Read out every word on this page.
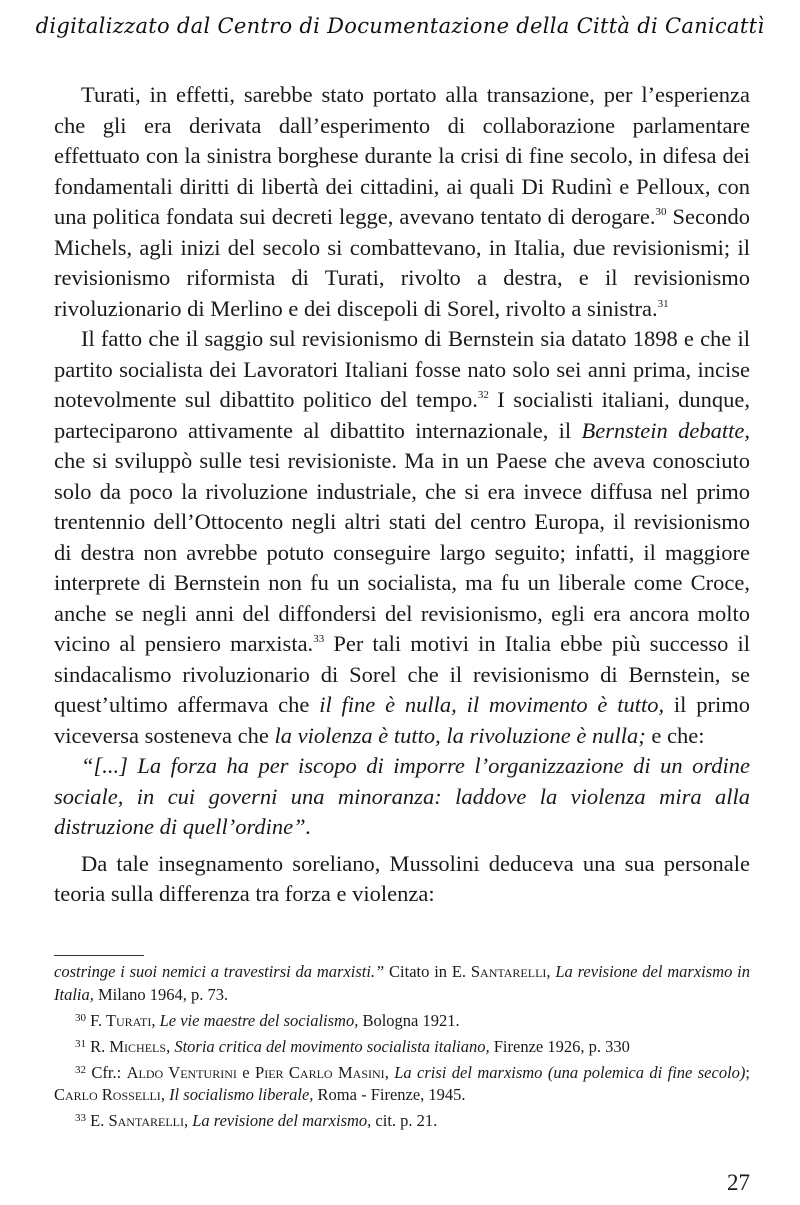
digitalizzato dal Centro di Documentazione della Città di Canicattì

Turati, in effetti, sarebbe stato portato alla transazione, per l’esperienza che gli era derivata dall’esperimento di collaborazione parlamentare effettuato con la sinistra borghese durante la crisi di fine secolo, in difesa dei fondamentali diritti di libertà dei cittadini, ai quali Di Rudinì e Pelloux, con una politica fondata sui decreti legge, avevano tentato di derogare.$^{30}$ Secondo Michels, agli inizi del secolo si combattevano, in Italia, due revisionismi; il revisionismo riformista di Turati, rivolto a destra, e il revisionismo rivoluzionario di Merlino e dei discepoli di Sorel, rivolto a sinistra.$^{31}$

Il fatto che il saggio sul revisionismo di Bernstein sia datato 1898 e che il partito socialista dei Lavoratori Italiani fosse nato solo sei anni prima, incise notevolmente sul dibattito politico del tempo.$^{32}$ I socialisti italiani, dunque, parteciparono attivamente al dibattito internazionale, il Bernstein debatte, che si sviluppò sulle tesi revisioniste. Ma in un Paese che aveva conosciuto solo da poco la rivoluzione industriale, che si era invece diffusa nel primo trentennio dell’Ottocento negli altri stati del centro Europa, il revisionismo di destra non avrebbe potuto conseguire largo seguito; infatti, il maggiore interprete di Bernstein non fu un socialista, ma fu un liberale come Croce, anche se negli anni del diffondersi del revisionismo, egli era ancora molto vicino al pensiero marxista.$^{33}$ Per tali motivi in Italia ebbe più successo il sindacalismo rivoluzionario di Sorel che il revisionismo di Bernstein, se quest’ultimo affermava che il fine è nulla, il movimento è tutto, il primo viceversa sosteneva che la violenza è tutto, la rivoluzione è nulla; e che:

“[...] La forza ha per iscopo di imporre l’organizzazione di un ordine sociale, in cui governi una minoranza: laddove la violenza mira alla distruzione di quell’ordine”.

Da tale insegnamento soreliano, Mussolini deduceva una sua personale teoria sulla differenza tra forza e violenza:

costringe i suoi nemici a travestirsi da marxisti.” Citato in E. Santarelli, La revisione del marxismo in Italia, Milano 1964, p. 73.

$^{30}$ F. Turati, Le vie maestre del socialismo, Bologna 1921.

$^{31}$ R. Michels, Storia critica del movimento socialista italiano, Firenze 1926, p. 330

$^{32}$ Cfr.: Aldo Venturini e Pier Carlo Masini, La crisi del marxismo (una polemica di fine secolo); Carlo Rosselli, Il socialismo liberale, Roma - Firenze, 1945.

$^{33}$ E. Santarelli, La revisione del marxismo, cit. p. 21.

27
